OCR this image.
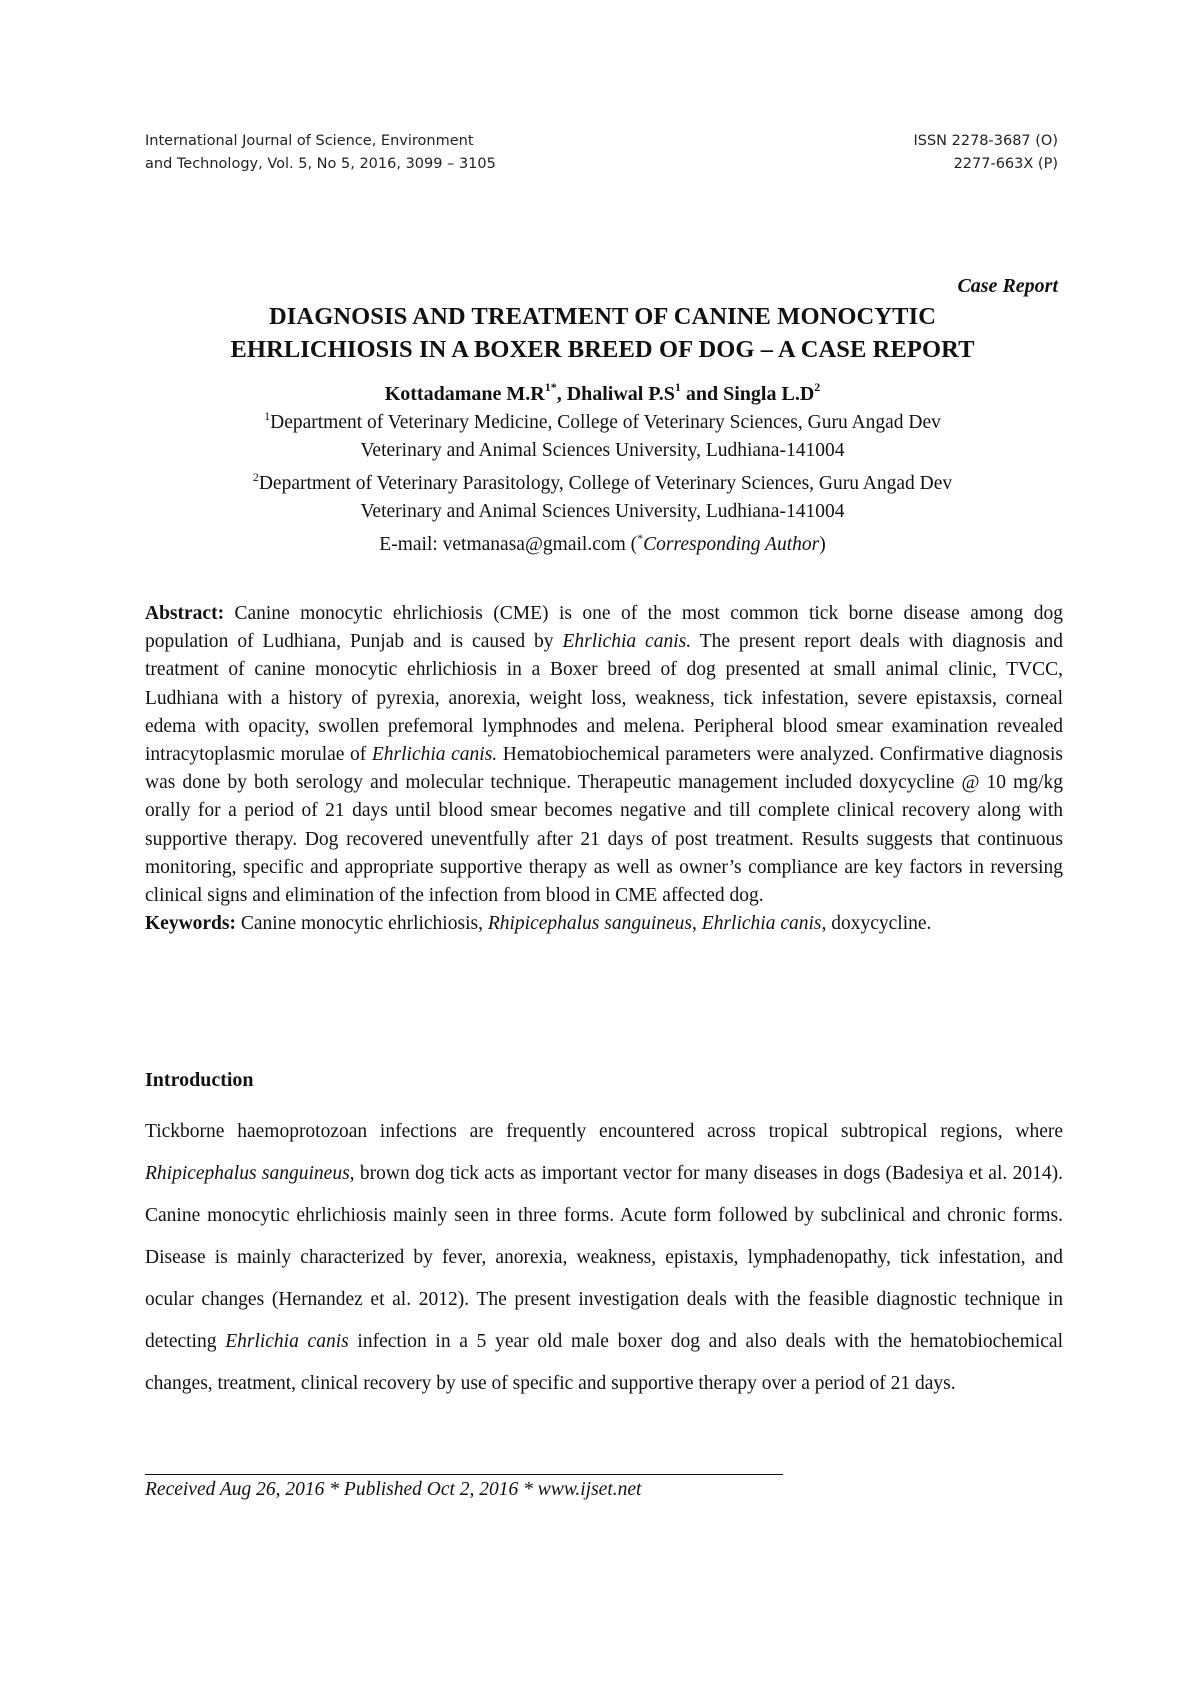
International Journal of Science, Environment
and Technology, Vol. 5, No 5, 2016, 3099 – 3105
ISSN 2278-3687 (O)
2277-663X (P)
Case Report
DIAGNOSIS AND TREATMENT OF CANINE MONOCYTIC
EHRLICHIOSIS IN A BOXER BREED OF DOG – A CASE REPORT
Kottadamane $M.R^{1*}$, Dhaliwal $P.S^1$ and Singla $L.D^2$
$^1$Department of Veterinary Medicine, College of Veterinary Sciences, Guru Angad Dev
Veterinary and Animal Sciences University, Ludhiana-141004
$^2$Department of Veterinary Parasitology, College of Veterinary Sciences, Guru Angad Dev
Veterinary and Animal Sciences University, Ludhiana-141004
E-mail: vetmanasa@gmail.com (*Corresponding Author)
Abstract: Canine monocytic ehrlichiosis (CME) is one of the most common tick borne disease among dog population of Ludhiana, Punjab and is caused by Ehrlichia canis. The present report deals with diagnosis and treatment of canine monocytic ehrlichiosis in a Boxer breed of dog presented at small animal clinic, TVCC, Ludhiana with a history of pyrexia, anorexia, weight loss, weakness, tick infestation, severe epistaxsis, corneal edema with opacity, swollen prefemoral lymphnodes and melena. Peripheral blood smear examination revealed intracytoplasmic morulae of Ehrlichia canis. Hematobiochemical parameters were analyzed. Confirmative diagnosis was done by both serology and molecular technique. Therapeutic management included doxycycline @ 10 mg/kg orally for a period of 21 days until blood smear becomes negative and till complete clinical recovery along with supportive therapy. Dog recovered uneventfully after 21 days of post treatment. Results suggests that continuous monitoring, specific and appropriate supportive therapy as well as owner’s compliance are key factors in reversing clinical signs and elimination of the infection from blood in CME affected dog.
Keywords: Canine monocytic ehrlichiosis, Rhipicephalus sanguineus, Ehrlichia canis, doxycycline.
Introduction
Tickborne haemoprotozoan infections are frequently encountered across tropical subtropical regions, where Rhipicephalus sanguineus, brown dog tick acts as important vector for many diseases in dogs (Badesiya et al. 2014). Canine monocytic ehrlichiosis mainly seen in three forms. Acute form followed by subclinical and chronic forms. Disease is mainly characterized by fever, anorexia, weakness, epistaxis, lymphadenopathy, tick infestation, and ocular changes (Hernandez et al. 2012). The present investigation deals with the feasible diagnostic technique in detecting Ehrlichia canis infection in a 5 year old male boxer dog and also deals with the hematobiochemical changes, treatment, clinical recovery by use of specific and supportive therapy over a period of 21 days.
Received Aug 26, 2016 * Published Oct 2, 2016 * www.ijset.net
